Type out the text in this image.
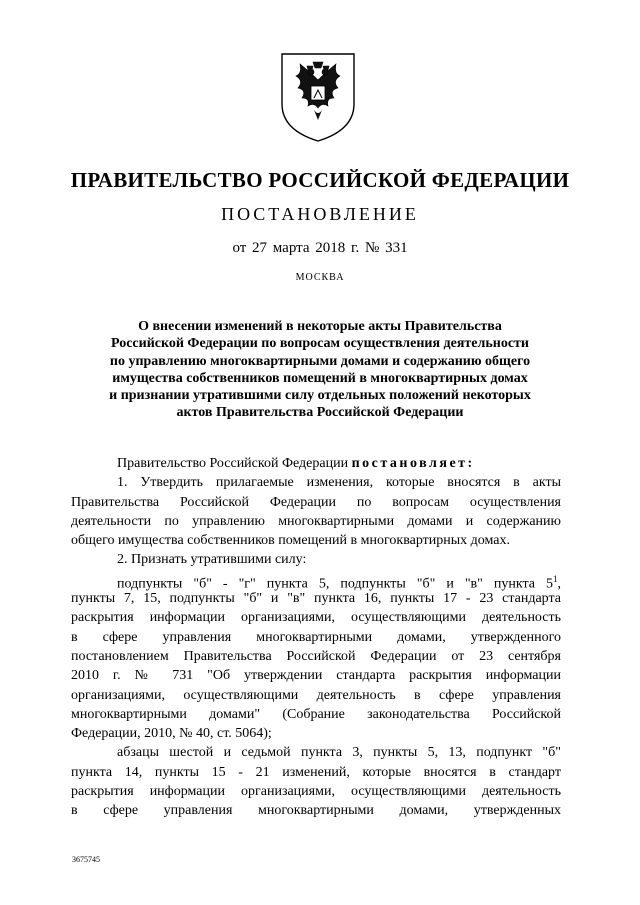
ПРАВИТЕЛЬСТВО РОССИЙСКОЙ ФЕДЕРАЦИИ
ПОСТАНОВЛЕНИЕ
от 27 марта 2018 г. № 331
МОСКВА
О внесении изменений в некоторые акты Правительства
Российской Федерации по вопросам осуществления деятельности
по управлению многоквартирными домами и содержанию общего
имущества собственников помещений в многоквартирных домах
и признании утратившими силу отдельных положений некоторых
актов Правительства Российской Федерации
Правительство Российской Федерации постановляет:
1. Утвердить прилагаемые изменения, которые вносятся в акты
Правительства Российской Федерации по вопросам осуществления
деятельности по управлению многоквартирными домами и содержанию
общего имущества собственников помещений в многоквартирных домах.
2. Признать утратившими силу:
подпункты "б" - "г" пункта 5, подпункты "б" и "в" пункта $5^1$,
пункты 7, 15, подпункты "б" и "в" пункта 16, пункты 17 - 23 стандарта
раскрытия информации организациями, осуществляющими деятельность
в сфере управления многоквартирными домами, утвержденного
постановлением Правительства Российской Федерации от 23 сентября
2010 г. № 731 "Об утверждении стандарта раскрытия информации
организациями, осуществляющими деятельность в сфере управления
многоквартирными домами" (Собрание законодательства Российской
Федерации, 2010, № 40, ст. 5064);
абзацы шестой и седьмой пункта 3, пункты 5, 13, подпункт "б"
пункта 14, пункты 15 - 21 изменений, которые вносятся в стандарт
раскрытия информации организациями, осуществляющими деятельность
в сфере управления многоквартирными домами, утвержденных
3675745
